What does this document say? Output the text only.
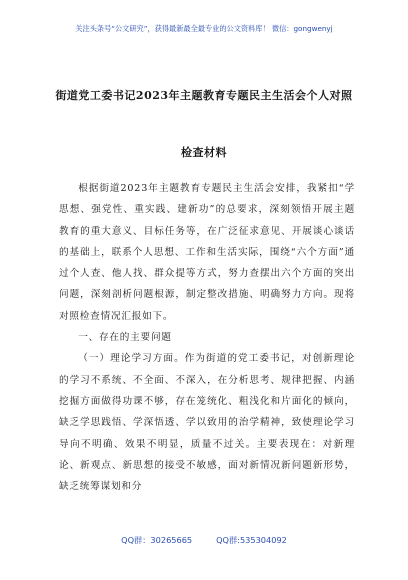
关注头条号“公文研究”，获得最新最全最专业的公文资料库！ 微信：gongwenyj
街道党工委书记2023年主题教育专题民主生活会个人对照
检查材料

根据街道2023年主题教育专题民主生活会安排，我紧扣“学思想、强党性、重实践、建新功”的总要求，深刻领悟开展主题教育的重大意义、目标任务等，在广泛征求意见、开展谈心谈话的基础上，联系个人思想、工作和生活实际，围绕“六个方面”通过个人查、他人找、群众提等方式，努力查摆出六个方面的突出问题，深刻剖析问题根源，制定整改措施、明确努力方向。现将对照检查情况汇报如下。

一、存在的主要问题

（一）理论学习方面。作为街道的党工委书记，对创新理论的学习不系统、不全面、不深入，在分析思考、规律把握、内涵挖掘方面做得功课不够，存在笼统化、粗浅化和片面化的倾向，缺乏学思践悟、学深悟透、学以致用的治学精神，致使理论学习导向不明确、效果不明显，质量不过关。主要表现在：对新理论、新观点、新思想的接受不敏感，面对新情况新问题新形势，缺乏统筹谋划和分

QQ群：30265665	QQ群:535304092
